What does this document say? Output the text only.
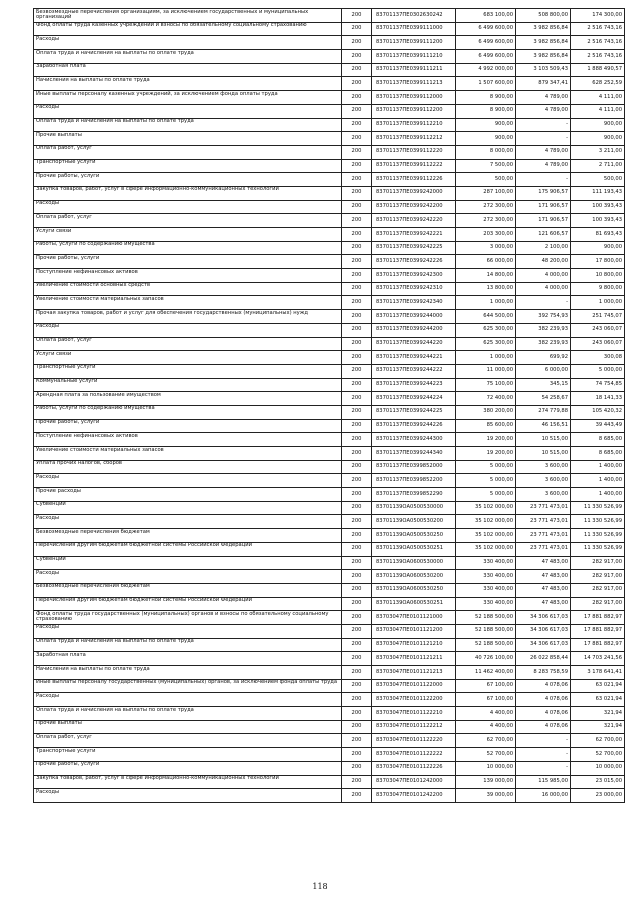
Безвозмездные перечисления организациям, за исключением государственных и муниципальных организаций	200	83701137ПЕ0302630242	683 100,00	508 800,00	174 300,00
Фонд оплаты труда казенных учреждений и взносы по обязательному социальному страхованию	200	83701137ПЕ0399111000	6 499 600,00	3 982 856,84	2 516 743,16
Расходы	200	83701137ПЕ0399111200	6 499 600,00	3 982 856,84	2 516 743,16
Оплата труда и начисления на выплаты по оплате труда	200	83701137ПЕ0399111210	6 499 600,00	3 982 856,84	2 516 743,16
Заработная плата	200	83701137ПЕ0399111211	4 992 000,00	3 103 509,43	1 888 490,57
Начисления на выплаты по оплате труда	200	83701137ПЕ0399111213	1 507 600,00	879 347,41	628 252,59
Иные выплаты персоналу казенных учреждений, за исключением фонда оплаты труда	200	83701137ПЕ0399112000	8 900,00	4 789,00	4 111,00
Расходы	200	83701137ПЕ0399112200	8 900,00	4 789,00	4 111,00
Оплата труда и начисления на выплаты по оплате труда	200	83701137ПЕ0399112210	900,00	-	900,00
Прочие выплаты	200	83701137ПЕ0399112212	900,00	-	900,00
Оплата работ, услуг	200	83701137ПЕ0399112220	8 000,00	4 789,00	3 211,00
Транспортные услуги	200	83701137ПЕ0399112222	7 500,00	4 789,00	2 711,00
Прочие работы, услуги	200	83701137ПЕ0399112226	500,00	-	500,00
Закупка товаров, работ, услуг в сфере информационно-коммуникационных технологий	200	83701137ПЕ0399242000	287 100,00	175 906,57	111 193,43
Расходы	200	83701137ПЕ0399242200	272 300,00	171 906,57	100 393,43
Оплата работ, услуг	200	83701137ПЕ0399242220	272 300,00	171 906,57	100 393,43
Услуги связи	200	83701137ПЕ0399242221	203 300,00	121 606,57	81 693,43
Работы, услуги по содержанию имущества	200	83701137ПЕ0399242225	3 000,00	2 100,00	900,00
Прочие работы, услуги	200	83701137ПЕ0399242226	66 000,00	48 200,00	17 800,00
Поступление нефинансовых активов	200	83701137ПЕ0399242300	14 800,00	4 000,00	10 800,00
Увеличение стоимости основных средств	200	83701137ПЕ0399242310	13 800,00	4 000,00	9 800,00
Увеличение стоимости материальных запасов	200	83701137ПЕ0399242340	1 000,00	-	1 000,00
Прочая закупка товаров, работ и услуг для обеспечения государственных (муниципальных) нужд	200	83701137ПЕ0399244000	644 500,00	392 754,93	251 745,07
Расходы	200	83701137ПЕ0399244200	625 300,00	382 239,93	243 060,07
Оплата работ, услуг	200	83701137ПЕ0399244220	625 300,00	382 239,93	243 060,07
Услуги связи	200	83701137ПЕ0399244221	1 000,00	699,92	300,08
Транспортные услуги	200	83701137ПЕ0399244222	11 000,00	6 000,00	5 000,00
Коммунальные услуги	200	83701137ПЕ0399244223	75 100,00	345,15	74 754,85
Арендная плата за пользование имуществом	200	83701137ПЕ0399244224	72 400,00	54 258,67	18 141,33
Работы, услуги по содержанию имущества	200	83701137ПЕ0399244225	380 200,00	274 779,88	105 420,32
Прочие работы, услуги	200	83701137ПЕ0399244226	85 600,00	46 156,51	39 443,49
Поступление нефинансовых активов	200	83701137ПЕ0399244300	19 200,00	10 515,00	8 685,00
Увеличение стоимости материальных запасов	200	83701137ПЕ0399244340	19 200,00	10 515,00	8 685,00
Уплата прочих налогов, сборов	200	83701137ПЕ0399852000	5 000,00	3 600,00	1 400,00
Расходы	200	83701137ПЕ0399852200	5 000,00	3 600,00	1 400,00
Прочие расходы	200	83701137ПЕ0399852290	5 000,00	3 600,00	1 400,00
Субвенции	200	83701139ОА0500530000	35 102 000,00	23 771 473,01	11 330 526,99
Расходы	200	83701139ОА0500530200	35 102 000,00	23 771 473,01	11 330 526,99
Безвозмездные перечисления бюджетам	200	83701139ОА0500530250	35 102 000,00	23 771 473,01	11 330 526,99
Перечисления другим бюджетам бюджетной системы Российской Федерации	200	83701139ОА0500530251	35 102 000,00	23 771 473,01	11 330 526,99
Субвенции	200	83701139ОА0600530000	330 400,00	47 483,00	282 917,00
Расходы	200	83701139ОА0600530200	330 400,00	47 483,00	282 917,00
Безвозмездные перечисления бюджетам	200	83701139ОА0600530250	330 400,00	47 483,00	282 917,00
Перечисления другим бюджетам бюджетной системы Российской Федерации	200	83701139ОА0600530251	330 400,00	47 483,00	282 917,00
Фонд оплаты труда государственных (муниципальных) органов и взносы по обязательному социальному страхованию	200	83703047ПЕ0101121000	52 188 500,00	34 306 617,03	17 881 882,97
Расходы	200	83703047ПЕ0101121200	52 188 500,00	34 306 617,03	17 881 882,97
Оплата труда и начисления на выплаты по оплате труда	200	83703047ПЕ0101121210	52 188 500,00	34 306 617,03	17 881 882,97
Заработная плата	200	83703047ПЕ0101121211	40 726 100,00	26 022 858,44	14 703 241,56
Начисления на выплаты по оплате труда	200	83703047ПЕ0101121213	11 462 400,00	8 283 758,59	3 178 641,41
Иные выплаты персоналу государственных (муниципальных) органов, за исключением фонда оплаты труда	200	83703047ПЕ0101122000	67 100,00	4 078,06	63 021,94
Расходы	200	83703047ПЕ0101122200	67 100,00	4 078,06	63 021,94
Оплата труда и начисления на выплаты по оплате труда	200	83703047ПЕ0101122210	4 400,00	4 078,06	321,94
Прочие выплаты	200	83703047ПЕ0101122212	4 400,00	4 078,06	321,94
Оплата работ, услуг	200	83703047ПЕ0101122220	62 700,00	-	62 700,00
Транспортные услуги	200	83703047ПЕ0101122222	52 700,00	-	52 700,00
Прочие работы, услуги	200	83703047ПЕ0101122226	10 000,00	-	10 000,00
Закупка товаров, работ, услуг в сфере информационно-коммуникационных технологий	200	83703047ПЕ0101242000	139 000,00	115 985,00	23 015,00
Расходы	200	83703047ПЕ0101242200	39 000,00	16 000,00	23 000,00
118
